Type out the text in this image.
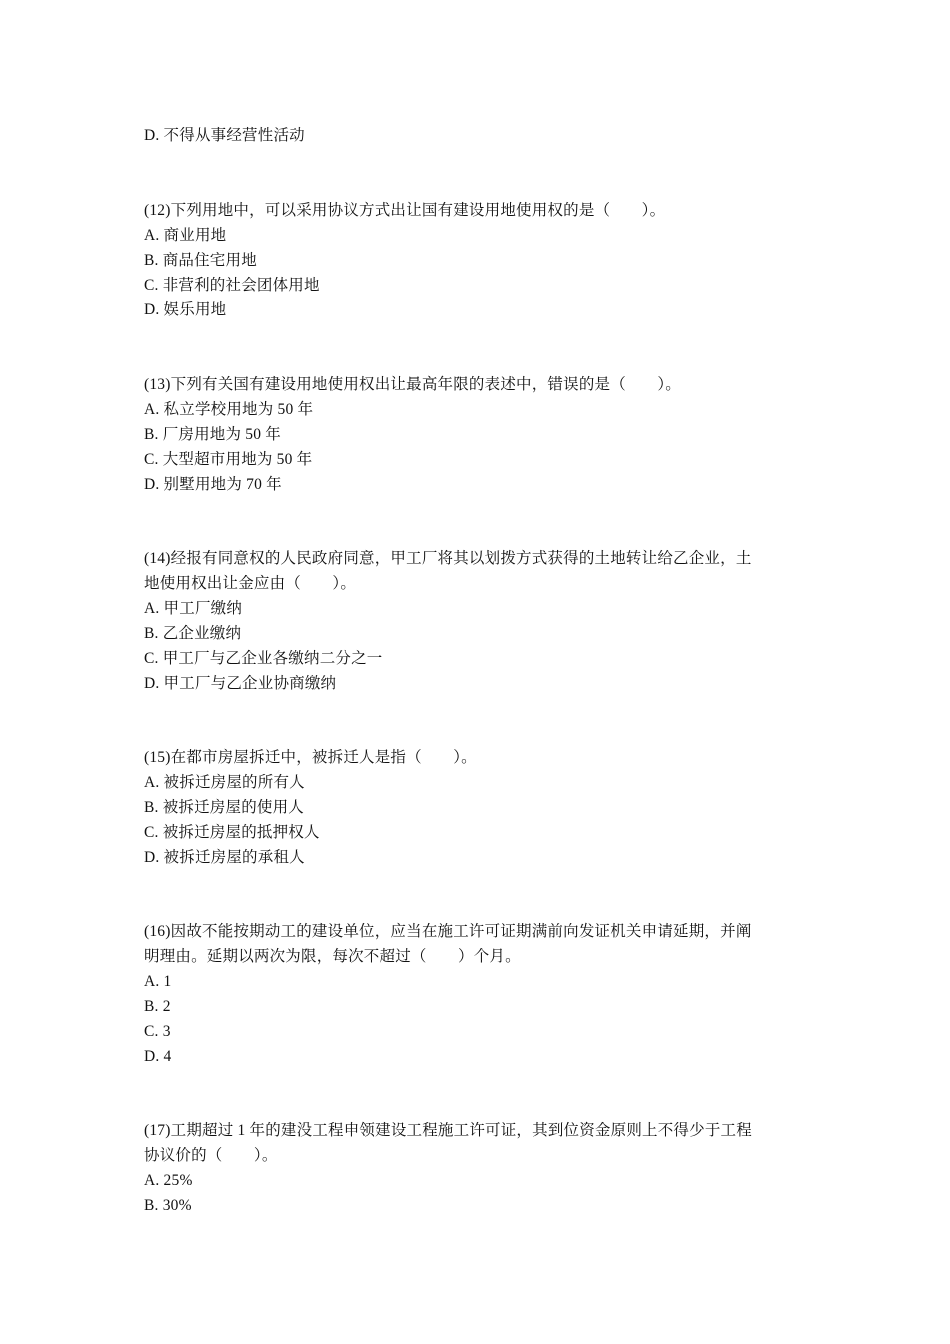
D. 不得从事经营性活动
(12)下列用地中，可以采用协议方式出让国有建设用地使用权的是（　　）。
A. 商业用地
B. 商品住宅用地
C. 非营利的社会团体用地
D. 娱乐用地
(13)下列有关国有建设用地使用权出让最高年限的表述中，错误的是（　　）。
A. 私立学校用地为 50 年
B. 厂房用地为 50 年
C. 大型超市用地为 50 年
D. 别墅用地为 70 年
(14)经报有同意权的人民政府同意，甲工厂将其以划拨方式获得的土地转让给乙企业，土
地使用权出让金应由（　　）。
A. 甲工厂缴纳
B. 乙企业缴纳
C. 甲工厂与乙企业各缴纳二分之一
D. 甲工厂与乙企业协商缴纳
(15)在都市房屋拆迁中，被拆迁人是指（　　）。
A. 被拆迁房屋的所有人
B. 被拆迁房屋的使用人
C. 被拆迁房屋的抵押权人
D. 被拆迁房屋的承租人
(16)因故不能按期动工的建设单位，应当在施工许可证期满前向发证机关申请延期，并阐
明理由。延期以两次为限，每次不超过（　　）个月。
A. 1
B. 2
C. 3
D. 4
(17)工期超过 1 年的建没工程申领建设工程施工许可证，其到位资金原则上不得少于工程
协议价的（　　）。
A. 25%
B. 30%
